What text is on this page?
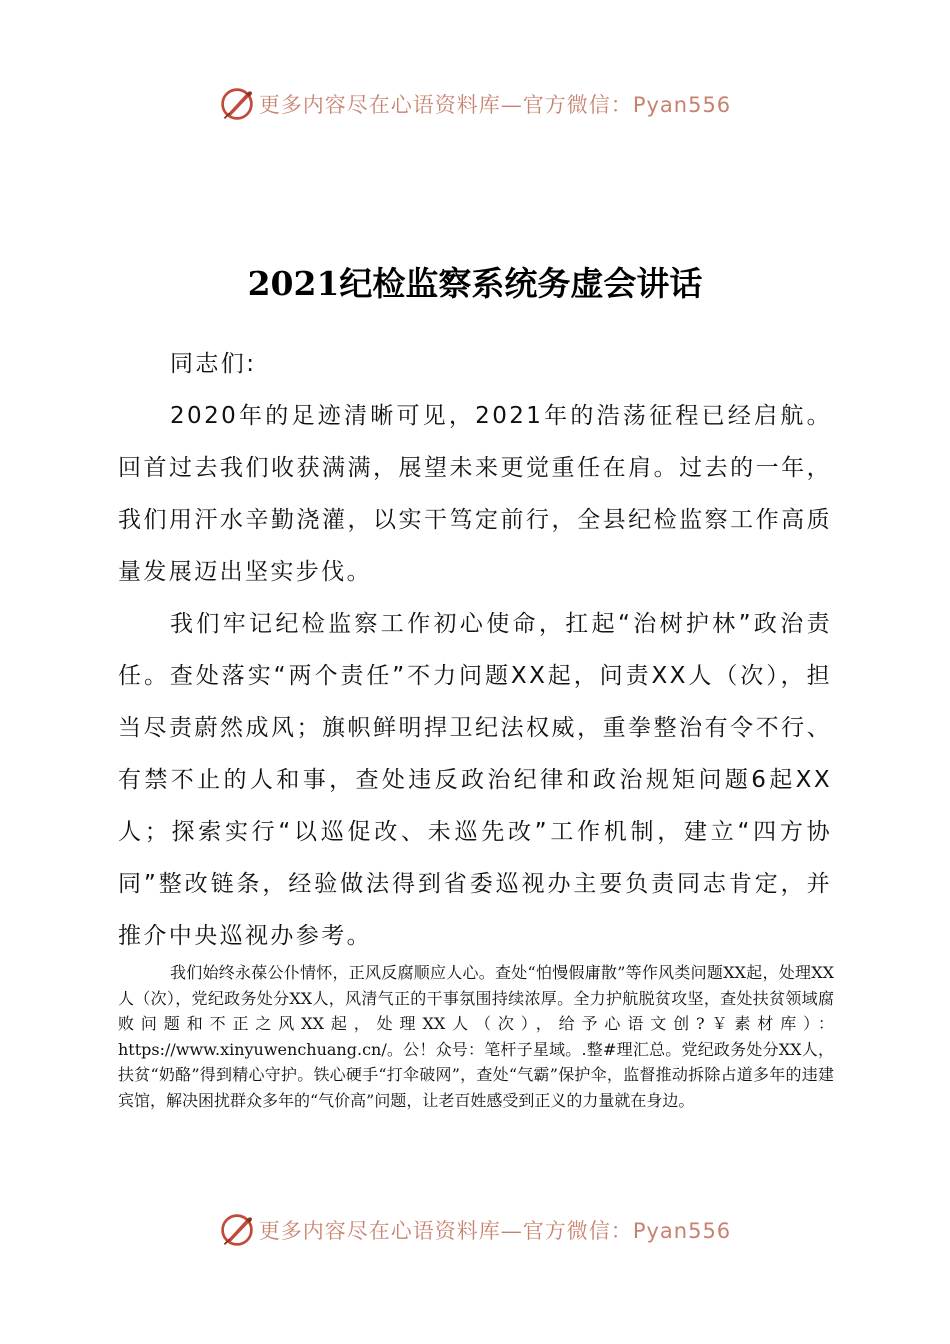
更多内容尽在心语资料库—官方微信：Pyan556
2021纪检监察系统务虚会讲话

同志们:

2020年的足迹清晰可见，2021年的浩荡征程已经启航。回首过去我们收获满满，展望未来更觉重任在肩。过去的一年，我们用汗水辛勤浇灌，以实干笃定前行，全县纪检监察工作高质量发展迈出坚实步伐。

我们牢记纪检监察工作初心使命，扛起“治树护林”政治责任。查处落实“两个责任”不力问题XX起，问责XX人（次），担当尽责蔚然成风；旗帜鲜明捍卫纪法权威，重拳整治有令不行、有禁不止的人和事，查处违反政治纪律和政治规矩问题6起XX人；探索实行“以巡促改、未巡先改”工作机制，建立“四方协同”整改链条，经验做法得到省委巡视办主要负责同志肯定，并推介中央巡视办参考。

我们始终永葆公仆情怀，正风反腐顺应人心。查处“怕慢假庸散”等作风类问题XX起，处理XX人（次），党纪政务处分XX人，风清气正的干事氛围持续浓厚。全力护航脱贫攻坚，查处扶贫领域腐败问题和不正之风XX起，处理XX人（次），给予心语文创?￥素材库）：https://www.xinyuwenchuang.cn/。公！众号：笔杆子星域。.整#理汇总。党纪政务处分XX人，扶贫“奶酪”得到精心守护。铁心硬手“打伞破网”，查处“气霸”保护伞，监督推动拆除占道多年的违建宾馆，解决困扰群众多年的“气价高”问题，让老百姓感受到正义的力量就在身边。

更多内容尽在心语资料库—官方微信：Pyan556
